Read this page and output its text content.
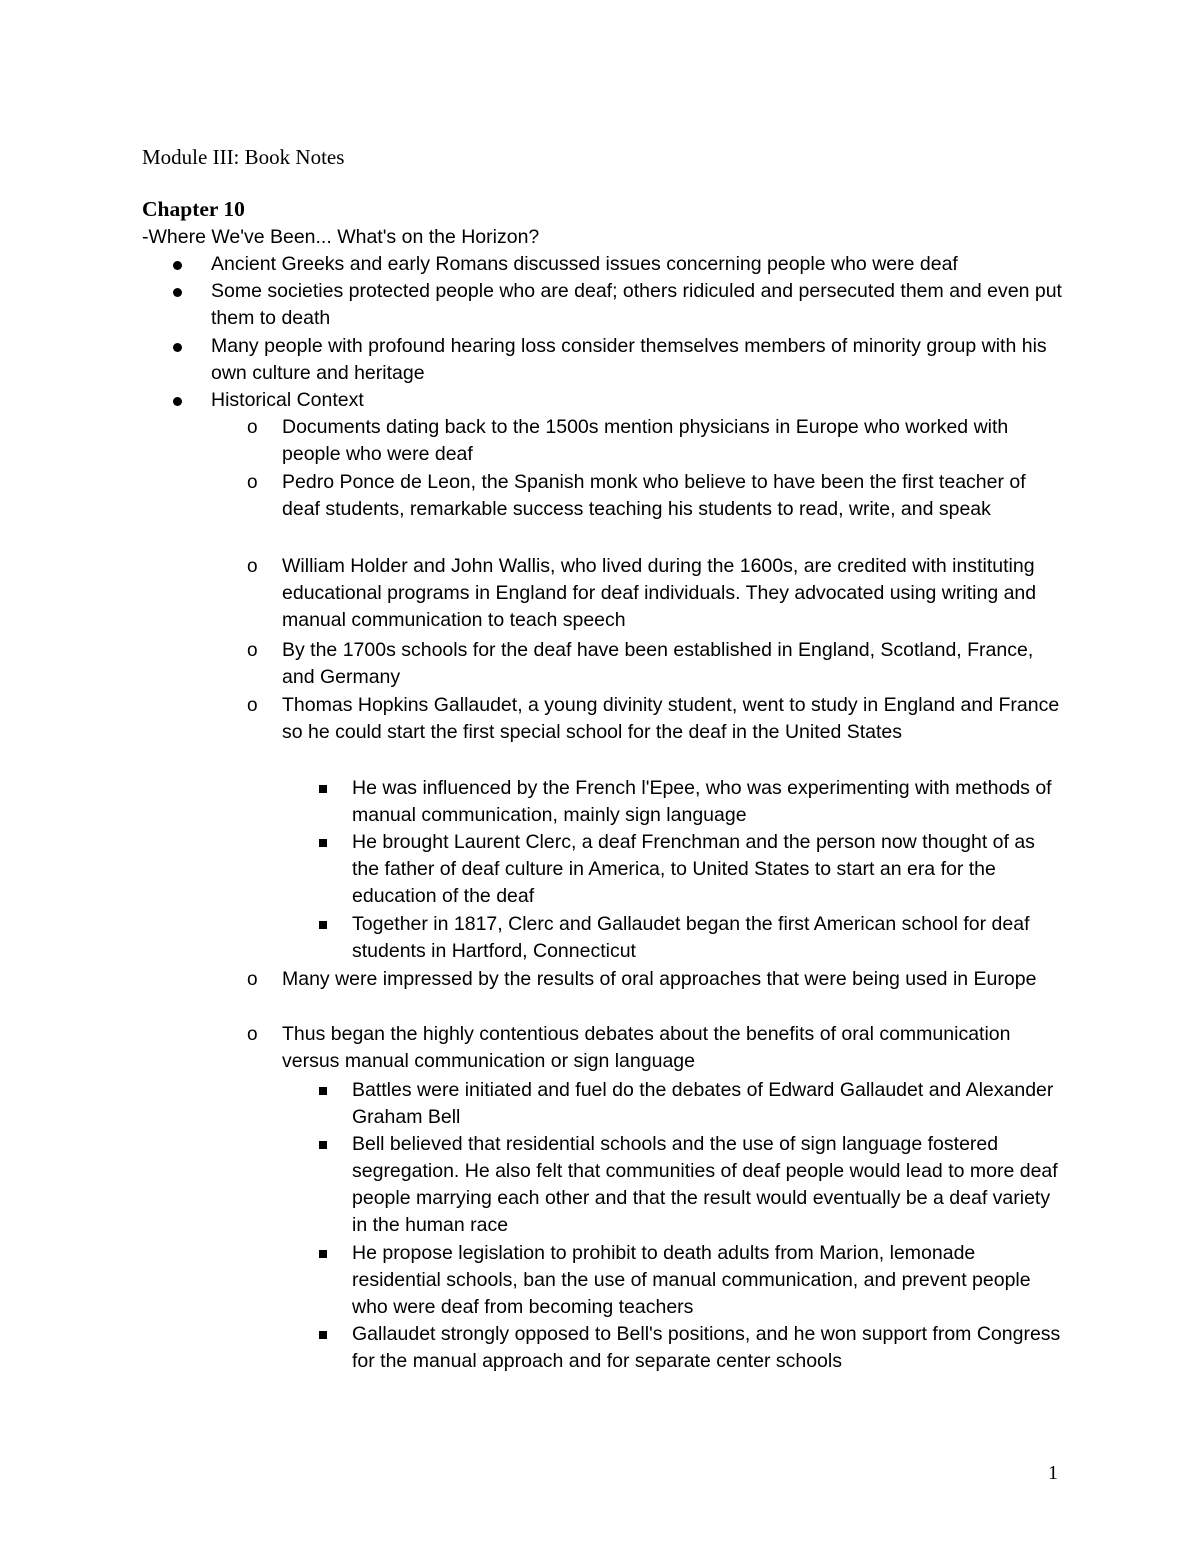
Module III: Book Notes
Chapter 10
-Where We've Been... What's on the Horizon?
Ancient Greeks and early Romans discussed issues concerning people who were deaf
Some societies protected people who are deaf; others ridiculed and persecuted them and even put them to death
Many people with profound hearing loss consider themselves members of minority group with his own culture and heritage
Historical Context
o Documents dating back to the 1500s mention physicians in Europe who worked with people who were deaf
o Pedro Ponce de Leon, the Spanish monk who believe to have been the first teacher of deaf students, remarkable success teaching his students to read, write, and speak
o William Holder and John Wallis, who lived during the 1600s, are credited with instituting educational programs in England for deaf individuals. They advocated using writing and manual communication to teach speech
o By the 1700s schools for the deaf have been established in England, Scotland, France, and Germany
o Thomas Hopkins Gallaudet, a young divinity student, went to study in England and France so he could start the first special school for the deaf in the United States
He was influenced by the French l'Epee, who was experimenting with methods of manual communication, mainly sign language
He brought Laurent Clerc, a deaf Frenchman and the person now thought of as the father of deaf culture in America, to United States to start an era for the education of the deaf
Together in 1817, Clerc and Gallaudet began the first American school for deaf students in Hartford, Connecticut
o Many were impressed by the results of oral approaches that were being used in Europe
o Thus began the highly contentious debates about the benefits of oral communication versus manual communication or sign language
Battles were initiated and fuel do the debates of Edward Gallaudet and Alexander Graham Bell
Bell believed that residential schools and the use of sign language fostered segregation. He also felt that communities of deaf people would lead to more deaf people marrying each other and that the result would eventually be a deaf variety in the human race
He propose legislation to prohibit to death adults from Marion, lemonade residential schools, ban the use of manual communication, and prevent people who were deaf from becoming teachers
Gallaudet strongly opposed to Bell's positions, and he won support from Congress for the manual approach and for separate center schools
1
